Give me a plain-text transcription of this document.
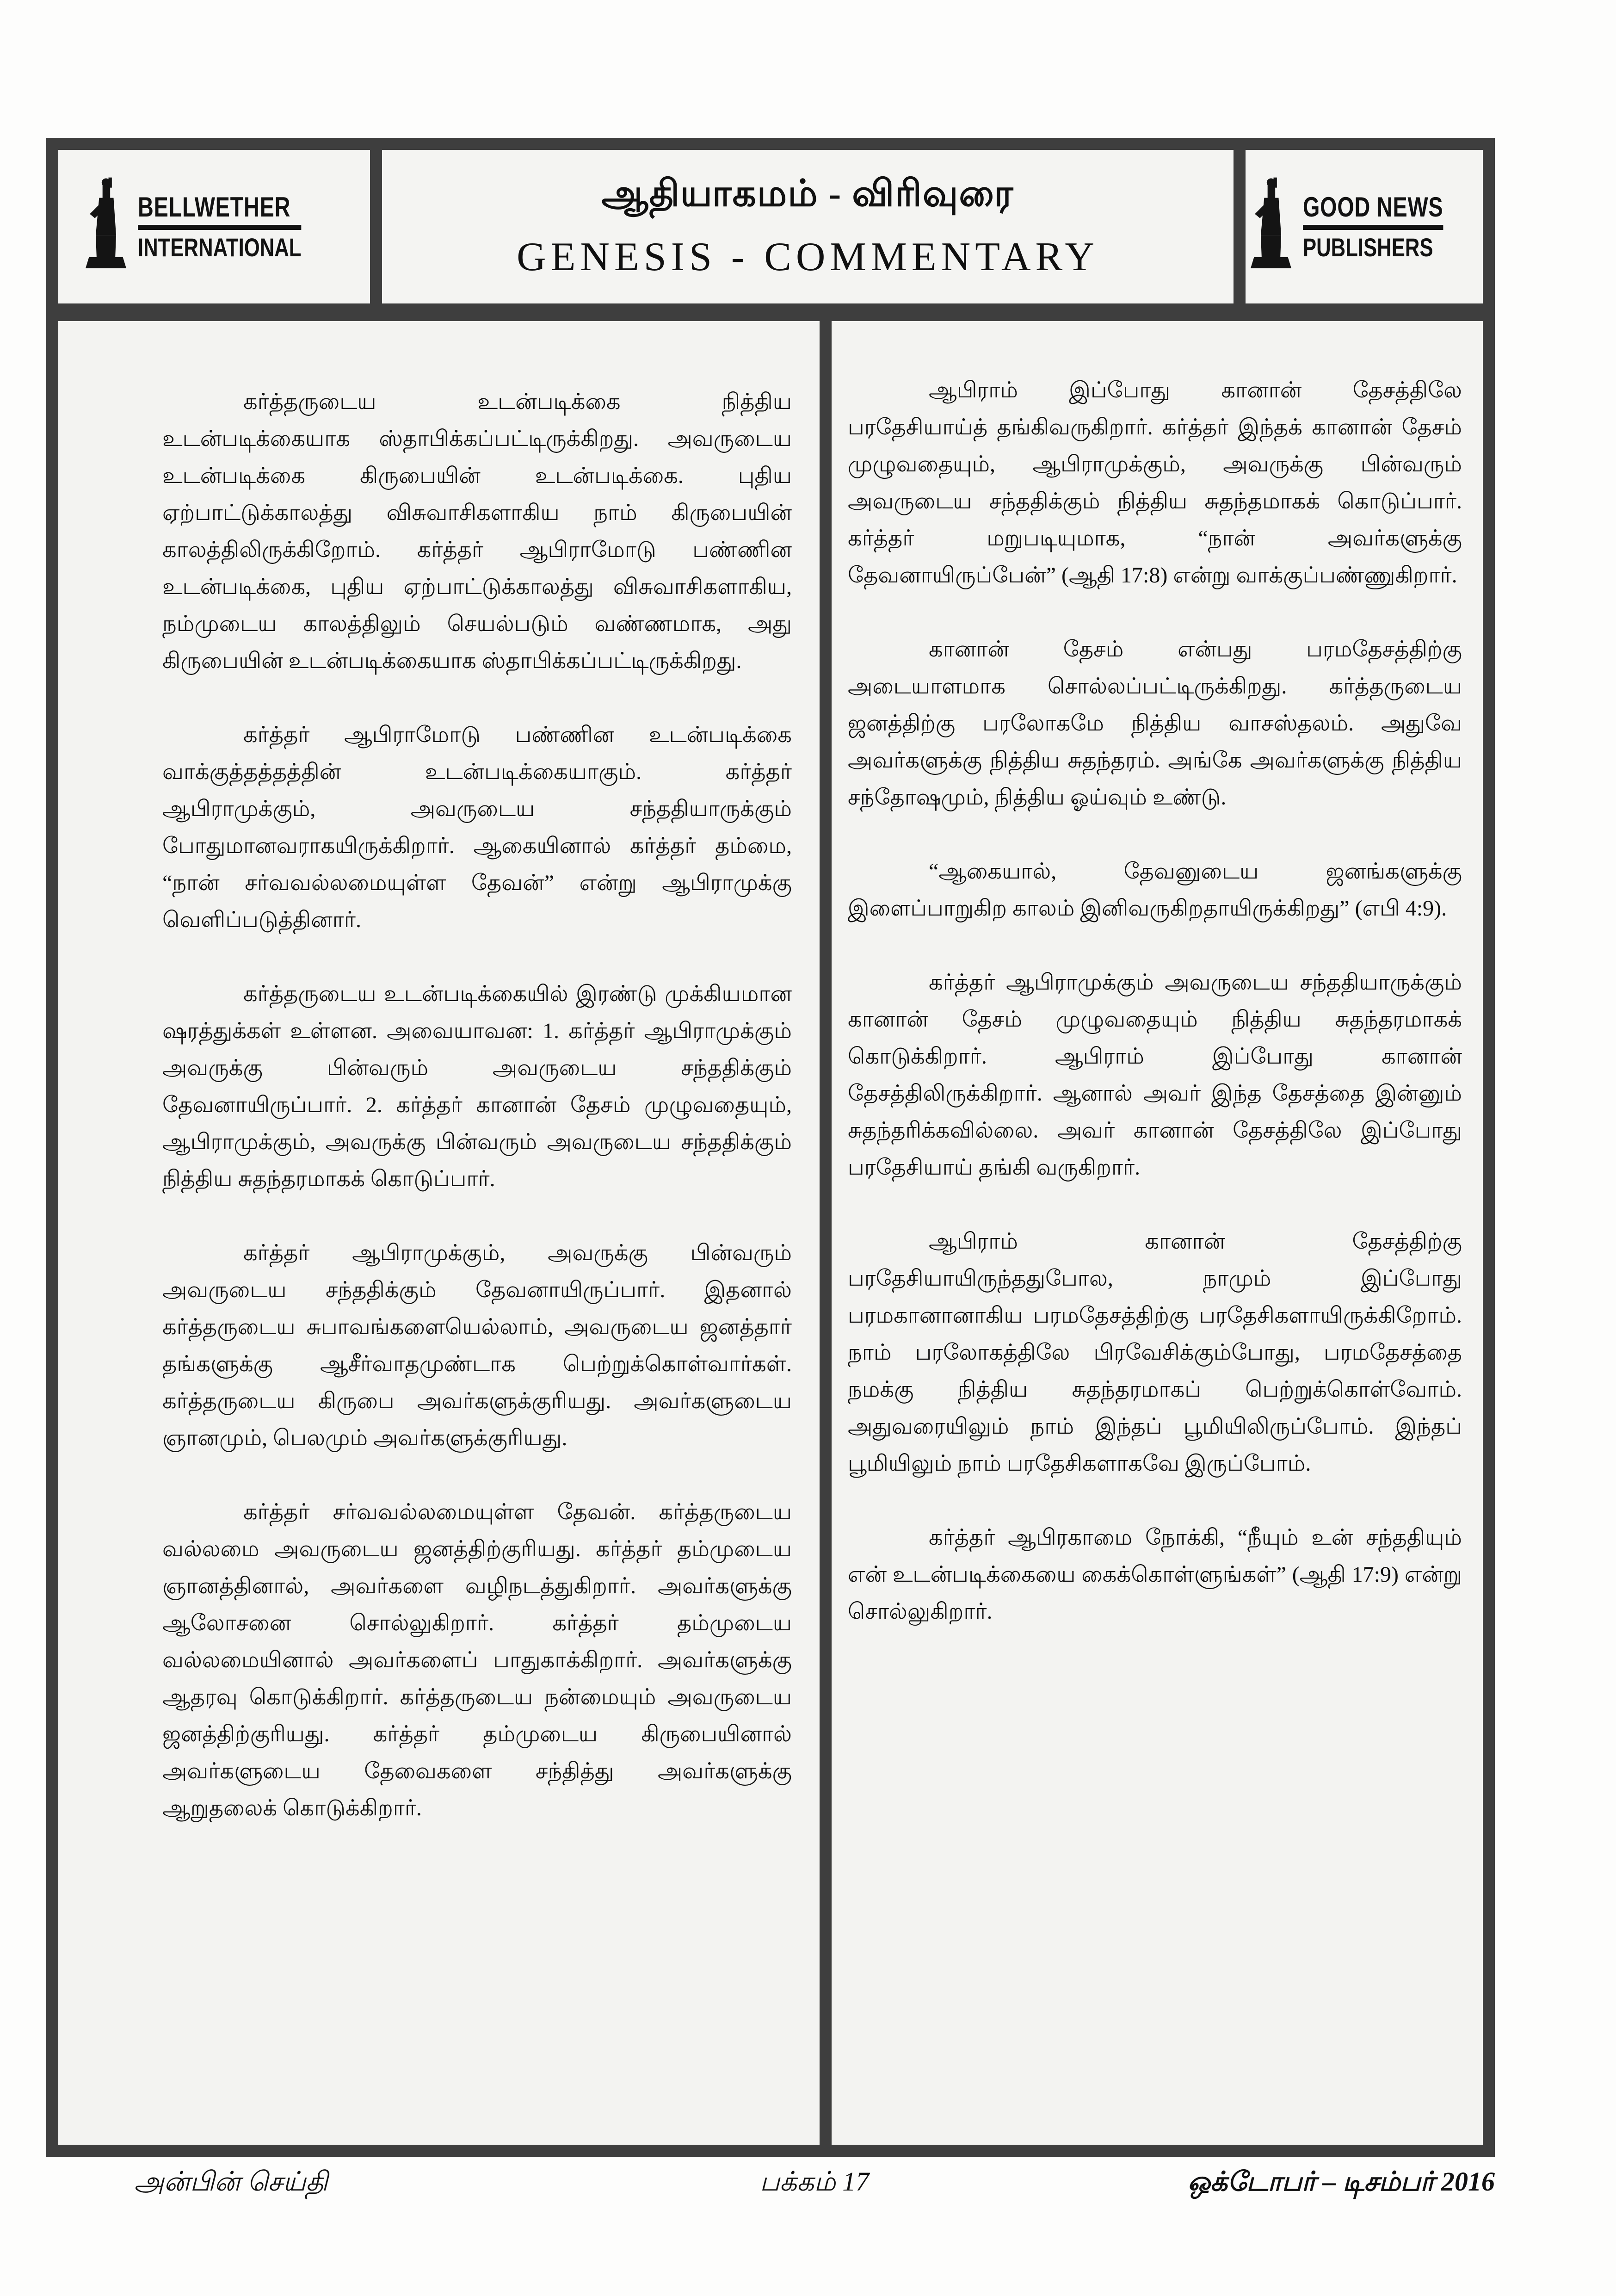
BELLWETHER
INTERNATIONAL
ஆதியாகமம் - விரிவுரை
GENESIS - COMMENTARY
GOOD NEWS
PUBLISHERS

கர்த்தருடைய உடன்படிக்கை நித்திய உடன்படிக்கையாக ஸ்தாபிக்கப்பட்டிருக்கிறது. அவருடைய உடன்படிக்கை கிருபையின் உடன்படிக்கை. புதிய ஏற்பாட்டுக்காலத்து விசுவாசிகளாகிய நாம் கிருபையின் காலத்திலிருக்கிறோம். கர்த்தர் ஆபிராமோடு பண்ணின உடன்படிக்கை, புதிய ஏற்பாட்டுக்காலத்து விசுவாசிகளாகிய, நம்முடைய காலத்திலும் செயல்படும் வண்ணமாக, அது கிருபையின் உடன்படிக்கையாக ஸ்தாபிக்கப்பட்டிருக்கிறது.

கர்த்தர் ஆபிராமோடு பண்ணின உடன்படிக்கை வாக்குத்தத்தத்தின் உடன்படிக்கையாகும். கர்த்தர் ஆபிராமுக்கும், அவருடைய சந்ததியாருக்கும் போதுமானவராகயிருக்கிறார். ஆகையினால் கர்த்தர் தம்மை, “நான் சர்வவல்லமையுள்ள தேவன்” என்று ஆபிராமுக்கு வெளிப்படுத்தினார்.

கர்த்தருடைய உடன்படிக்கையில் இரண்டு முக்கியமான ஷரத்துக்கள் உள்ளன. அவையாவன: 1. கர்த்தர் ஆபிராமுக்கும் அவருக்கு பின்வரும் அவருடைய சந்ததிக்கும் தேவனாயிருப்பார். 2. கர்த்தர் கானான் தேசம் முழுவதையும், ஆபிராமுக்கும், அவருக்கு பின்வரும் அவருடைய சந்ததிக்கும் நித்திய சுதந்தரமாகக் கொடுப்பார்.

கர்த்தர் ஆபிராமுக்கும், அவருக்கு பின்வரும் அவருடைய சந்ததிக்கும் தேவனாயிருப்பார். இதனால் கர்த்தருடைய சுபாவங்களையெல்லாம், அவருடைய ஜனத்தார் தங்களுக்கு ஆசீர்வாதமுண்டாக பெற்றுக்கொள்வார்கள். கர்த்தருடைய கிருபை அவர்களுக்குரியது. அவர்களுடைய ஞானமும், பெலமும் அவர்களுக்குரியது.

கர்த்தர் சர்வவல்லமையுள்ள தேவன். கர்த்தருடைய வல்லமை அவருடைய ஜனத்திற்குரியது. கர்த்தர் தம்முடைய ஞானத்தினால், அவர்களை வழிநடத்துகிறார். அவர்களுக்கு ஆலோசனை சொல்லுகிறார். கர்த்தர் தம்முடைய வல்லமையினால் அவர்களைப் பாதுகாக்கிறார். அவர்களுக்கு ஆதரவு கொடுக்கிறார். கர்த்தருடைய நன்மையும் அவருடைய ஜனத்திற்குரியது. கர்த்தர் தம்முடைய கிருபையினால் அவர்களுடைய தேவைகளை சந்தித்து அவர்களுக்கு ஆறுதலைக் கொடுக்கிறார்.

ஆபிராம் இப்போது கானான் தேசத்திலே பரதேசியாய்த் தங்கிவருகிறார். கர்த்தர் இந்தக் கானான் தேசம் முழுவதையும், ஆபிராமுக்கும், அவருக்கு பின்வரும் அவருடைய சந்ததிக்கும் நித்திய சுதந்தமாகக் கொடுப்பார். கர்த்தர் மறுபடியுமாக, “நான் அவர்களுக்கு தேவனாயிருப்பேன்” (ஆதி 17:8) என்று வாக்குப்பண்ணுகிறார்.

கானான் தேசம் என்பது பரமதேசத்திற்கு அடையாளமாக சொல்லப்பட்டிருக்கிறது. கர்த்தருடைய ஜனத்திற்கு பரலோகமே நித்திய வாசஸ்தலம். அதுவே அவர்களுக்கு நித்திய சுதந்தரம். அங்கே அவர்களுக்கு நித்திய சந்தோஷமும், நித்திய ஓய்வும் உண்டு.

“ஆகையால், தேவனுடைய ஜனங்களுக்கு இளைப்பாறுகிற காலம் இனிவருகிறதாயிருக்கிறது” (எபி 4:9).

கர்த்தர் ஆபிராமுக்கும் அவருடைய சந்ததியாருக்கும் கானான் தேசம் முழுவதையும் நித்திய சுதந்தரமாகக் கொடுக்கிறார். ஆபிராம் இப்போது கானான் தேசத்திலிருக்கிறார். ஆனால் அவர் இந்த தேசத்தை இன்னும் சுதந்தரிக்கவில்லை. அவர் கானான் தேசத்திலே இப்போது பரதேசியாய் தங்கி வருகிறார்.

ஆபிராம் கானான் தேசத்திற்கு பரதேசியாயிருந்ததுபோல, நாமும் இப்போது பரமகானானாகிய பரமதேசத்திற்கு பரதேசிகளாயிருக்கிறோம். நாம் பரலோகத்திலே பிரவேசிக்கும்போது, பரமதேசத்தை நமக்கு நித்திய சுதந்தரமாகப் பெற்றுக்கொள்வோம். அதுவரையிலும் நாம் இந்தப் பூமியிலிருப்போம். இந்தப் பூமியிலும் நாம் பரதேசிகளாகவே இருப்போம்.

கர்த்தர் ஆபிரகாமை நோக்கி, “நீயும் உன் சந்ததியும் என் உடன்படிக்கையை கைக்கொள்ளுங்கள்” (ஆதி 17:9) என்று சொல்லுகிறார்.

அன்பின் செய்தி	பக்கம் 17	ஒக்டோபர் – டிசம்பர் 2016
